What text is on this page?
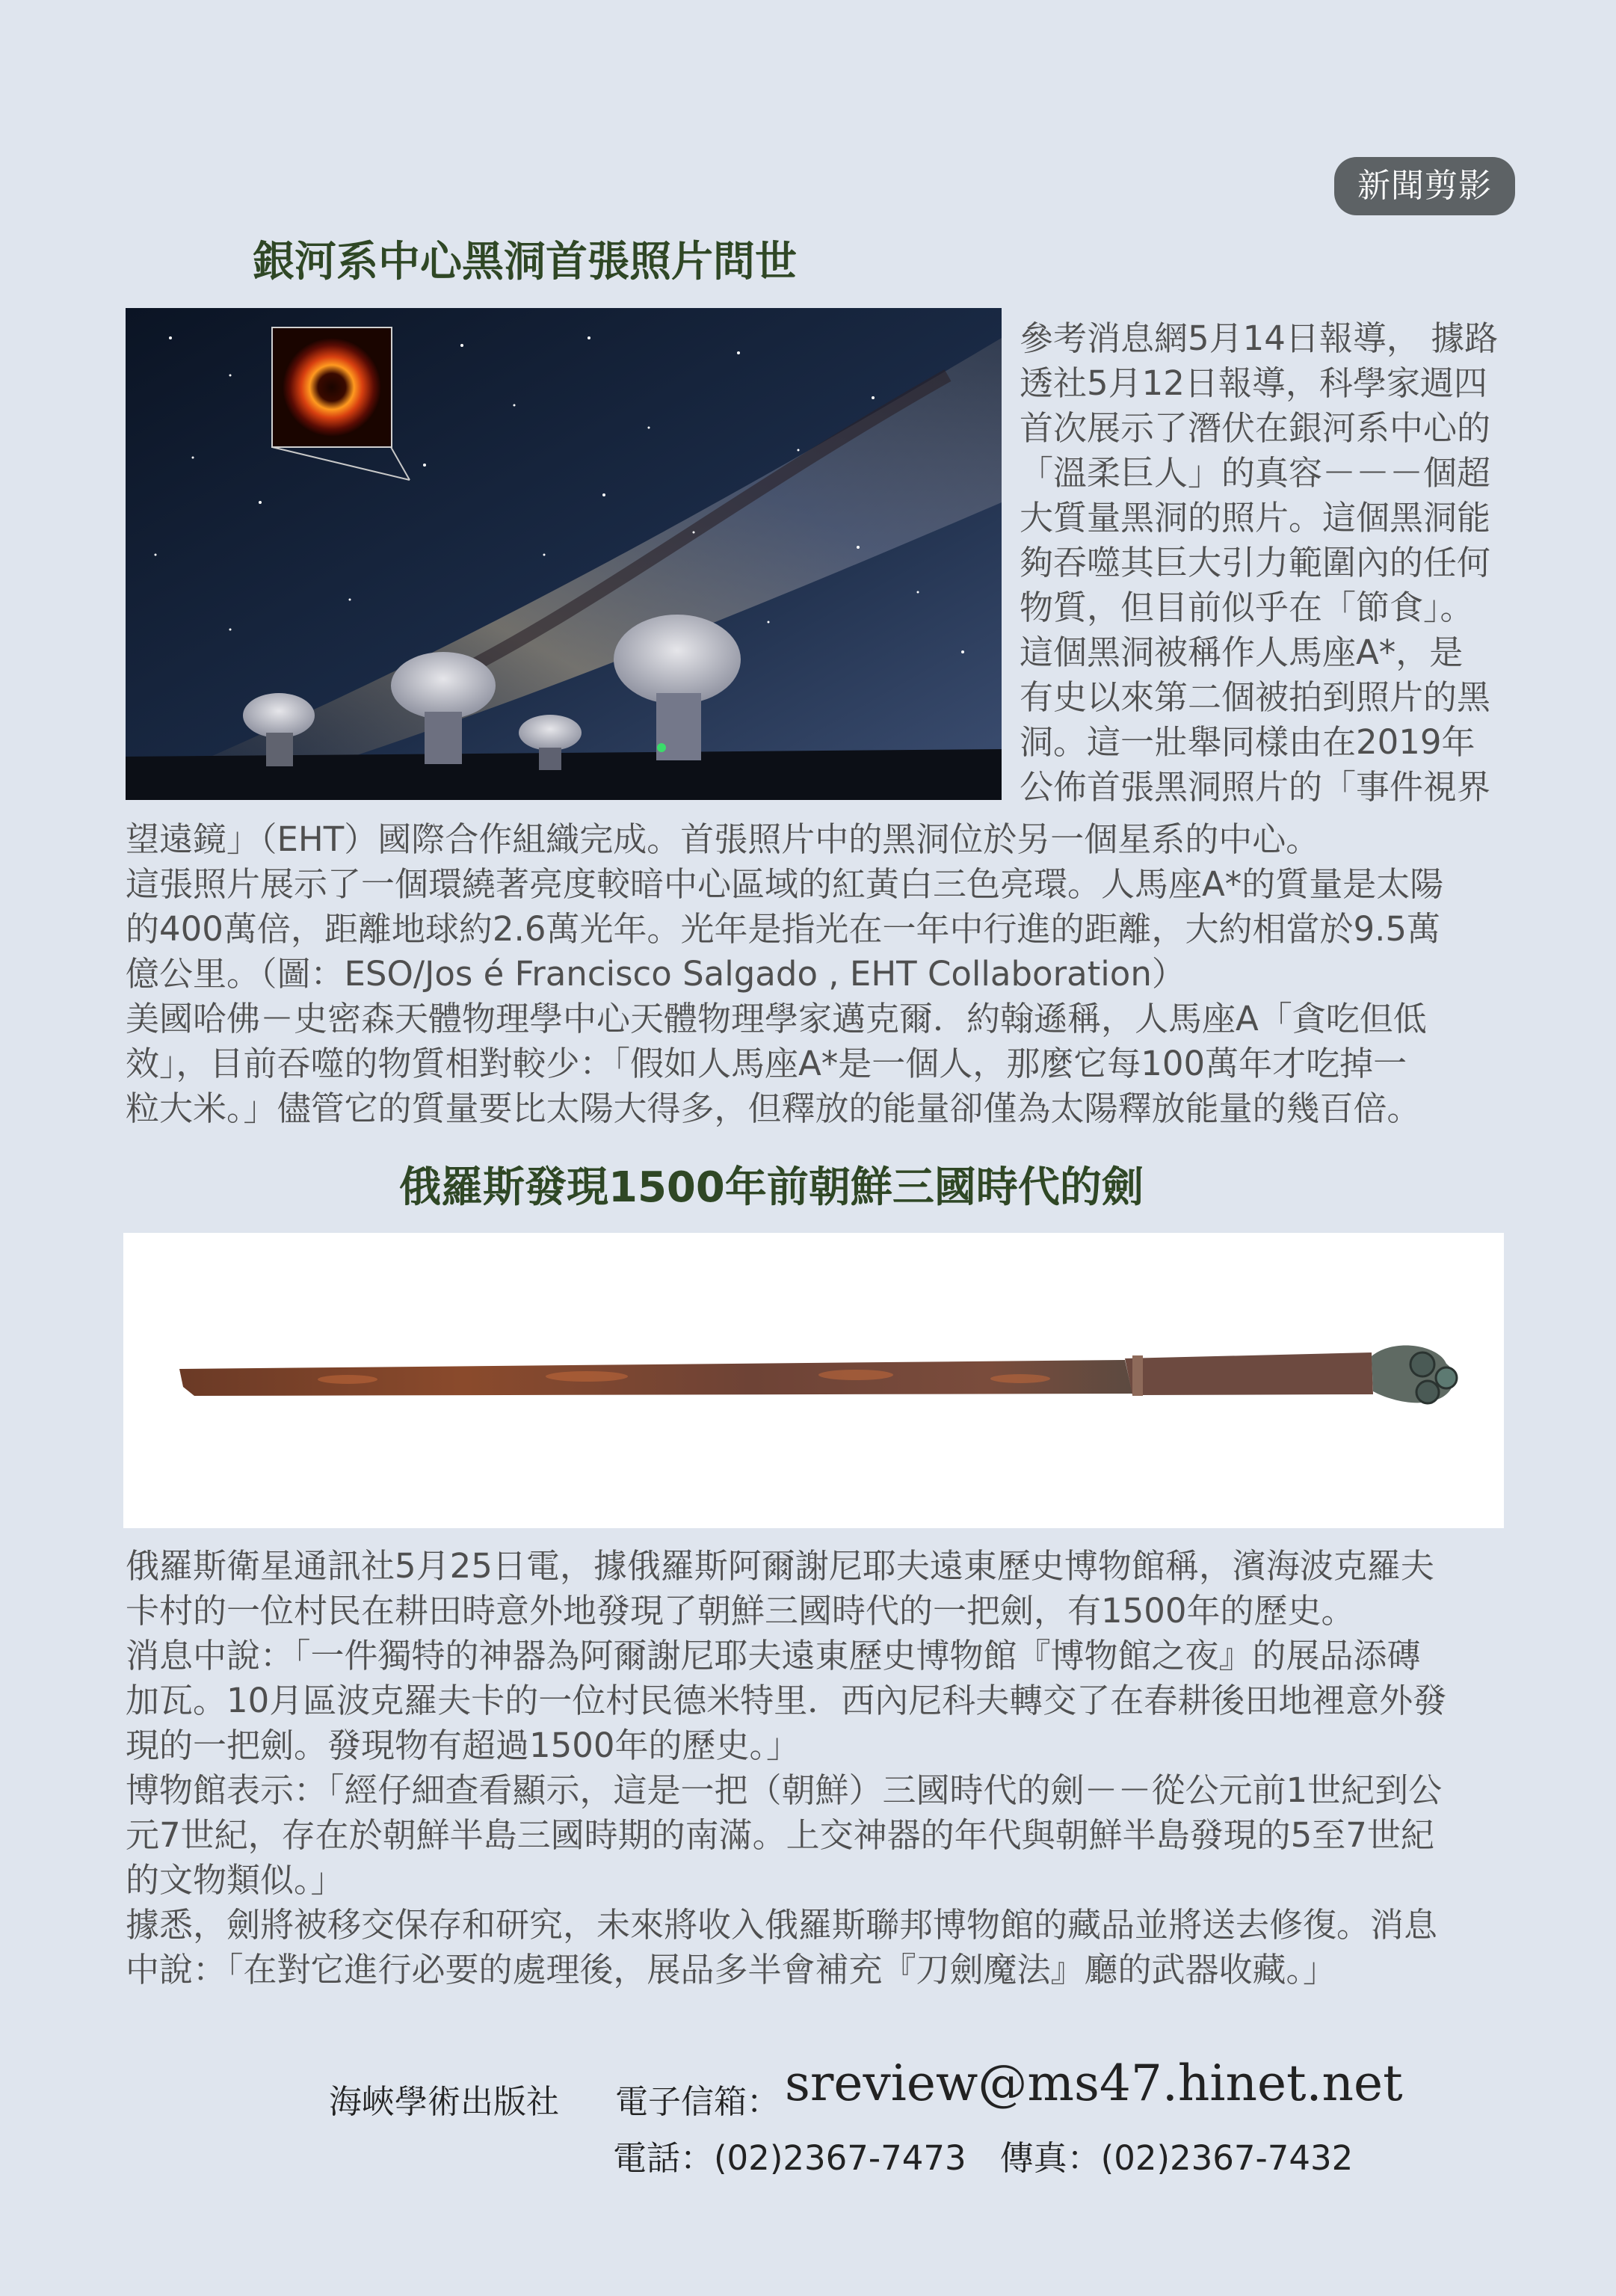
新聞剪影
銀河系中心黑洞首張照片問世
參考消息網5月14日報導， 據路
透社5月12日報導，科學家週四
首次展示了潛伏在銀河系中心的
「溫柔巨人」的真容－－－個超
大質量黑洞的照片。這個黑洞能
夠吞噬其巨大引力範圍內的任何
物質，但目前似乎在「節食」。
這個黑洞被稱作人馬座A*，是
有史以來第二個被拍到照片的黑
洞。這一壯舉同樣由在2019年
公佈首張黑洞照片的「事件視界
望遠鏡」（EHT）國際合作組織完成。首張照片中的黑洞位於另一個星系的中心。
這張照片展示了一個環繞著亮度較暗中心區域的紅黃白三色亮環。人馬座A*的質量是太陽
的400萬倍，距離地球約2.6萬光年。光年是指光在一年中行進的距離，大約相當於9.5萬
億公里。（圖：ESO/Jos é Francisco Salgado , EHT Collaboration）
美國哈佛－史密森天體物理學中心天體物理學家邁克爾．約翰遜稱，人馬座A「貪吃但低
效」，目前吞噬的物質相對較少：「假如人馬座A*是一個人，那麼它每100萬年才吃掉一
粒大米。」儘管它的質量要比太陽大得多，但釋放的能量卻僅為太陽釋放能量的幾百倍。
俄羅斯發現1500年前朝鮮三國時代的劍
俄羅斯衛星通訊社5月25日電，據俄羅斯阿爾謝尼耶夫遠東歷史博物館稱，濱海波克羅夫
卡村的一位村民在耕田時意外地發現了朝鮮三國時代的一把劍，有1500年的歷史。
消息中說：「一件獨特的神器為阿爾謝尼耶夫遠東歷史博物館『博物館之夜』的展品添磚
加瓦。10月區波克羅夫卡的一位村民德米特里．西內尼科夫轉交了在春耕後田地裡意外發
現的一把劍。發現物有超過1500年的歷史。」
博物館表示：「經仔細查看顯示，這是一把（朝鮮）三國時代的劍－－從公元前1世紀到公
元7世紀，存在於朝鮮半島三國時期的南滿。上交神器的年代與朝鮮半島發現的5至7世紀
的文物類似。」
據悉，劍將被移交保存和研究，未來將收入俄羅斯聯邦博物館的藏品並將送去修復。消息
中說：「在對它進行必要的處理後，展品多半會補充『刀劍魔法』廳的武器收藏。」
海峽學術出版社 電子信箱： sreview@ms47.hinet.net
電話：(02)2367-7473　傳真：(02)2367-7432
